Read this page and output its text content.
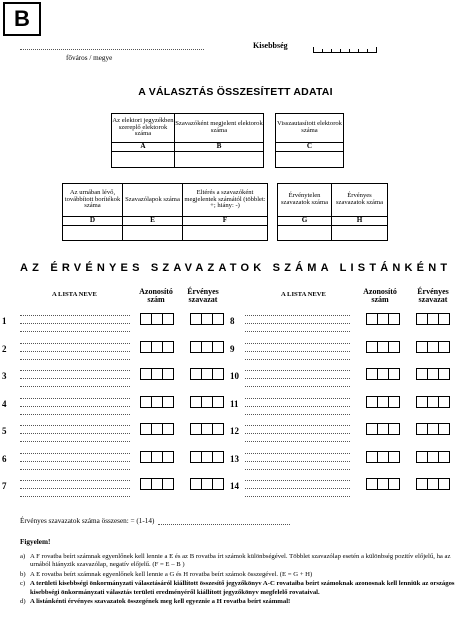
B
főváros / megye
Kisebbség
A VÁLASZTÁS ÖSSZESÍTETT ADATAI
Az elektori jegyzékben szereplő elektorok száma
Szavazóként megjelent elektorok száma
Visszautasított elektorok száma
A	B	C
Az urnában lévő, továbbított borítékok száma
Szavazólapok száma
Eltérés a szavazóként megjelentek számától (többlet: +; hiány: -)
Érvénytelen szavazatok száma
Érvényes szavazatok száma
D	E	F	G	H
AZ ÉRVÉNYES SZAVAZATOK SZÁMA LISTÁNKÉNT
A LISTA NEVE	Azonosító szám
Érvényes szavazat
A LISTA NEVE	Azonosító szám
Érvényes szavazat
1
2
3
4
5
6
7
8
9
10
11
12
13
14
Érvényes szavazatok száma összesen: = (1-14)
Figyelem!
a) A F rovatba beírt számnak egyenlőnek kell lennie a E és az B rovatba írt számok különbségével. Többlet szavazólap esetén a különbség pozitív előjelű, ha az urnából hiányzik szavazólap, negatív előjelű. (F = E – B )
b) A E rovatba beírt számnak egyenlőnek kell lennie a G és H rovatba beírt számok összegével. (E = G + H)
c) A területi kisebbségi önkormányzati választásáról kiállított összesítő jegyzőkönyv A-C rovataiba beírt számoknak azonosnak kell lenniük az országos kisebbségi önkormányzati választás területi eredményéről kiállított jegyzőkönyv megfelelő rovataival.
d) A listánkénti érvényes szavazatok összegének meg kell egyeznie a H rovatba beírt számmal!
